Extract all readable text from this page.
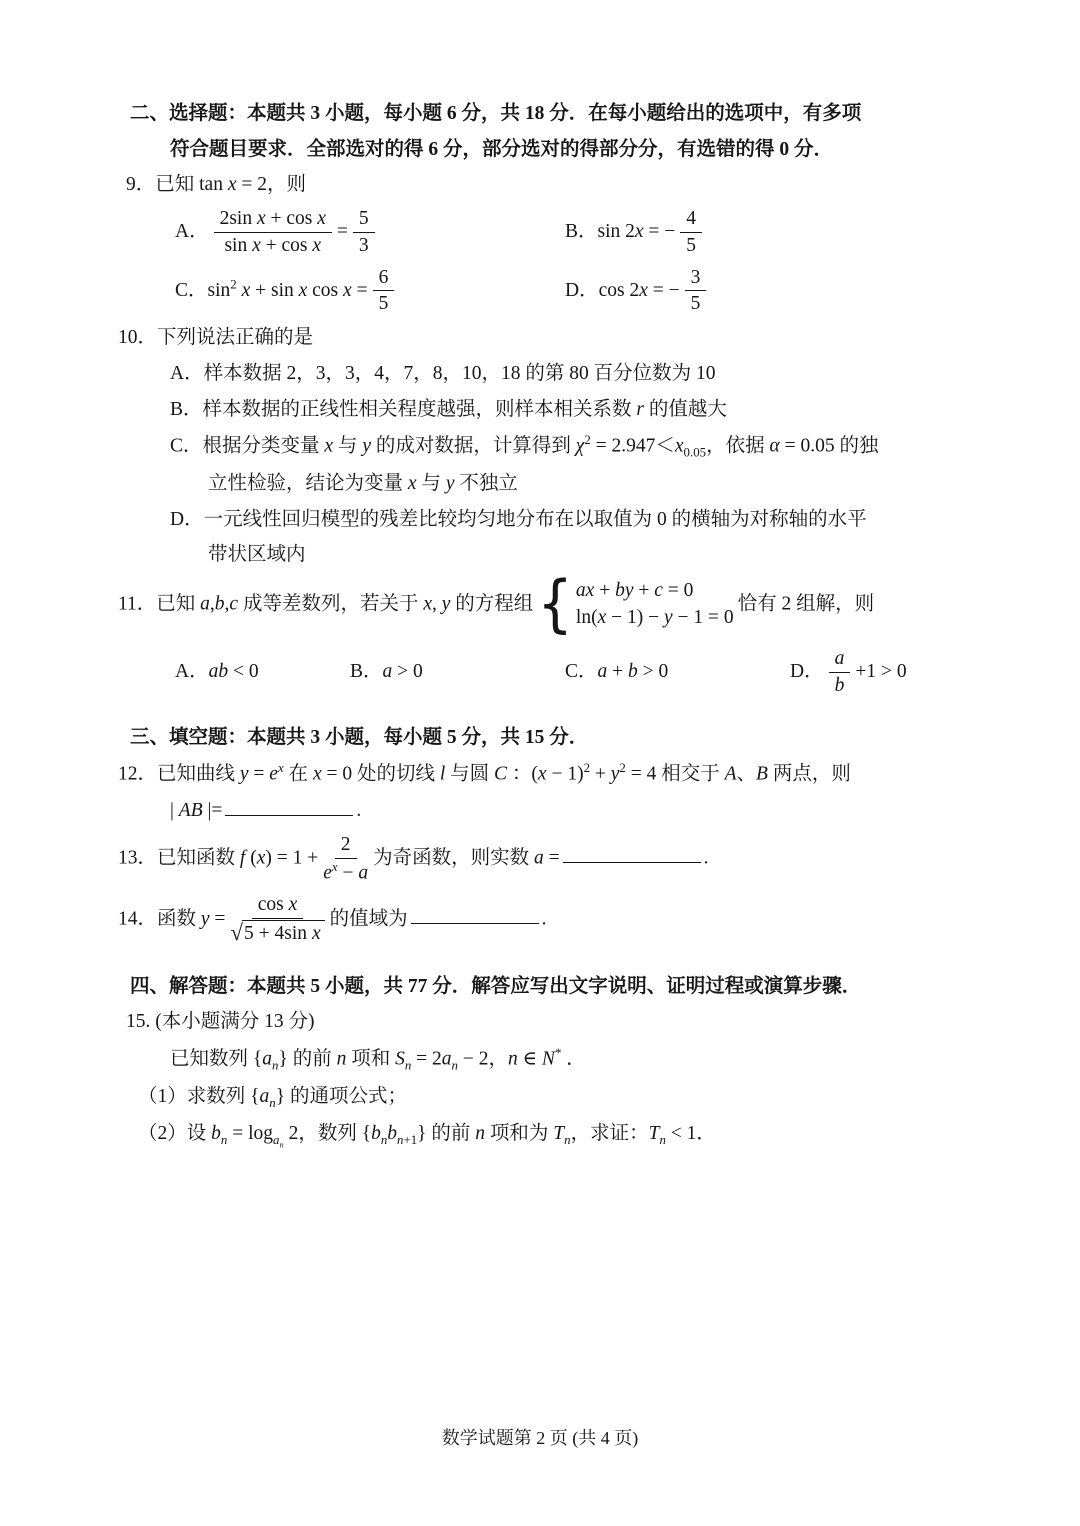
二、选择题：本题共 3 小题，每小题 6 分，共 18 分．在每小题给出的选项中，有多项
符合题目要求．全部选对的得 6 分，部分选对的得部分分，有选错的得 0 分．
9．已知 tan x = 2，则
A． $\frac{\text{2sin x + cos x}}{\text{sin x + cos x}} = \frac{5}{3}$	B．sin 2x = − $\frac{4}{5}$
C．$\sin^2 x + \sin x$ $\cos x = \frac{6}{5}$	D．cos 2x = − $\frac{3}{5}$
10．下列说法正确的是
A．样本数据 2，3，3，4，7，8，10，18 的第 80 百分位数为 10
B．样本数据的正线性相关程度越强，则样本相关系数 r 的值越大
C．根据分类变量 x 与 y 的成对数据，计算得到 $\chi^2 = 2.947<x_{0.05}$，依据 α = 0.05 的独
立性检验，结论为变量 x 与 y 不独立
D．一元线性回归模型的残差比较均匀地分布在以取值为 0 的横轴为对称轴的水平
带状区域内
11．已知 a,b,c 成等差数列，若关于 x, y 的方程组 { ax + by + c = 0
ln(x − 1) − y − 1 = 0
恰有 2 组解，则
A．ab < 0	B．a > 0	C．a + b > 0	D． $\frac{a}{b} +1 > 0$
三、填空题：本题共 3 小题，每小题 5 分，共 15 分．
12．已知曲线 $y = e^x$ 在 x = 0 处的切线 l 与圆 C ：$(x - 1)^2 + y^2 = 4$ 相交于 A、B 两点，则
| AB |=	.
13．已知函数 f $(x) = 1 + \frac{2}{e^x - a}$ 为奇函数，则实数 a =	.
14．函数 $y = \frac{\text{cos x}}{\text{√ 5 + 4sin x}}$ 的值域为	.
四、解答题：本题共 5 小题，共 77 分．解答应写出文字说明、证明过程或演算步骤．
15. (本小题满分 13 分)
已知数列 $\{a_n\}$ 的前 n 项和 $S_n = 2a_n - 2$，n ∈ N* ．
（1）求数列 $\{a_n\}$ 的通项公式；
（2）设 $b_n = \log_{a_n} 2$，数列 $\{b_nb_{n+1}\}$ 的前 n 项和为 $T_n$，求证：$T_n < 1$．
数学试题第 2 页 (共 4 页)
